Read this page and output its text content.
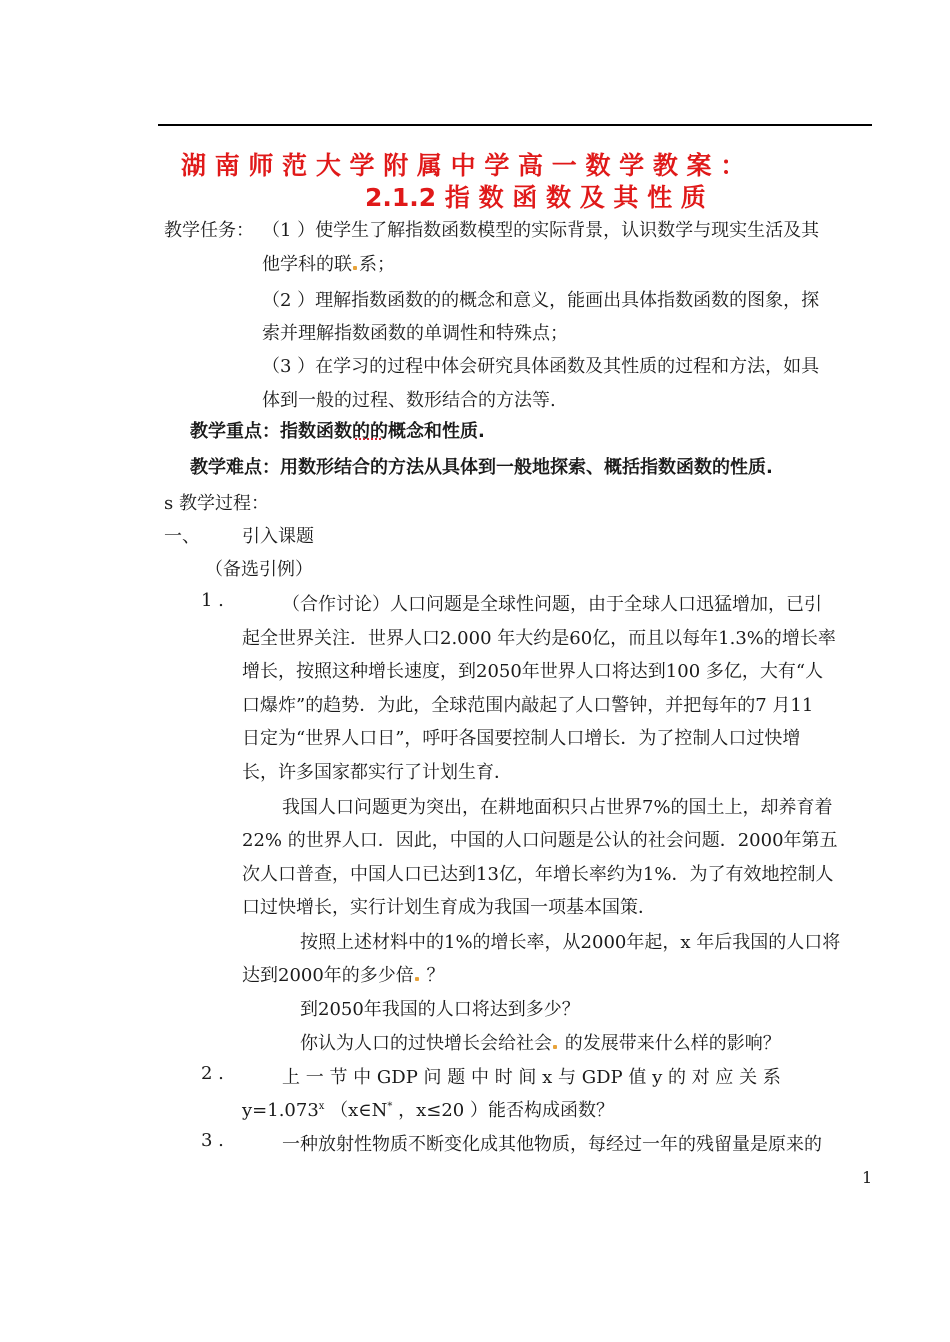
湖 南 师 范 大 学 附 属 中 学 高 一 数 学 教 案 ：
2.1.2 指 数 函 数 及 其 性 质
教学任务： （1 ）使学生了解指数函数模型的实际背景，认识数学与现实生活及其
他学科的联 系；
（2 ）理解指数函数的的概念和意义，能画出具体指数函数的图象，探
索并理解指数函数的单调性和特殊点；
（3 ）在学习的过程中体会研究具体函数及其性质的过程和方法，如具
体到一般的过程、数形结合的方法等.
教学重点：指数函数的的概念和性质.
教学难点：用数形结合的方法从具体到一般地探索、概括指数函数的性质.
s 教学过程：
一、 引入课题
（备选引例）
1 .	（合作讨论）人口问题是全球性问题，由于全球人口迅猛增加，已引
起全世界关注．世界人口2.000 年大约是60亿，而且以每年1.3%的增长率
增长，按照这种增长速度，到2050年世界人口将达到100 多亿，大有“人
口爆炸”的趋势．为此，全球范围内敲起了人口警钟，并把每年的7 月11
日定为“世界人口日”，呼吁各国要控制人口增长．为了控制人口过快增
长，许多国家都实行了计划生育．
我国人口问题更为突出，在耕地面积只占世界7%的国土上，却养育着
22% 的世界人口．因此，中国的人口问题是公认的社会问题．2000年第五
次人口普查，中国人口已达到13亿，年增长率约为1%．为了有效地控制人
口过快增长，实行计划生育成为我国一项基本国策．
按照上述材料中的1%的增长率，从2000年起，x 年后我国的人口将
达到2000年的多少倍 ？
到2050年我国的人口将达到多少？
你认为人口的过快增长会给社会 的发展带来什么样的影响？
2 .	上 一 节 中 GDP 问 题 中 时 间 x 与 GDP 值 y 的 对 应 关 系
$y=1.073^x$ （x∈N* ，x≤20 ）能否构成函数？
3 .	一种放射性物质不断变化成其他物质，每经过一年的残留量是原来的
1
